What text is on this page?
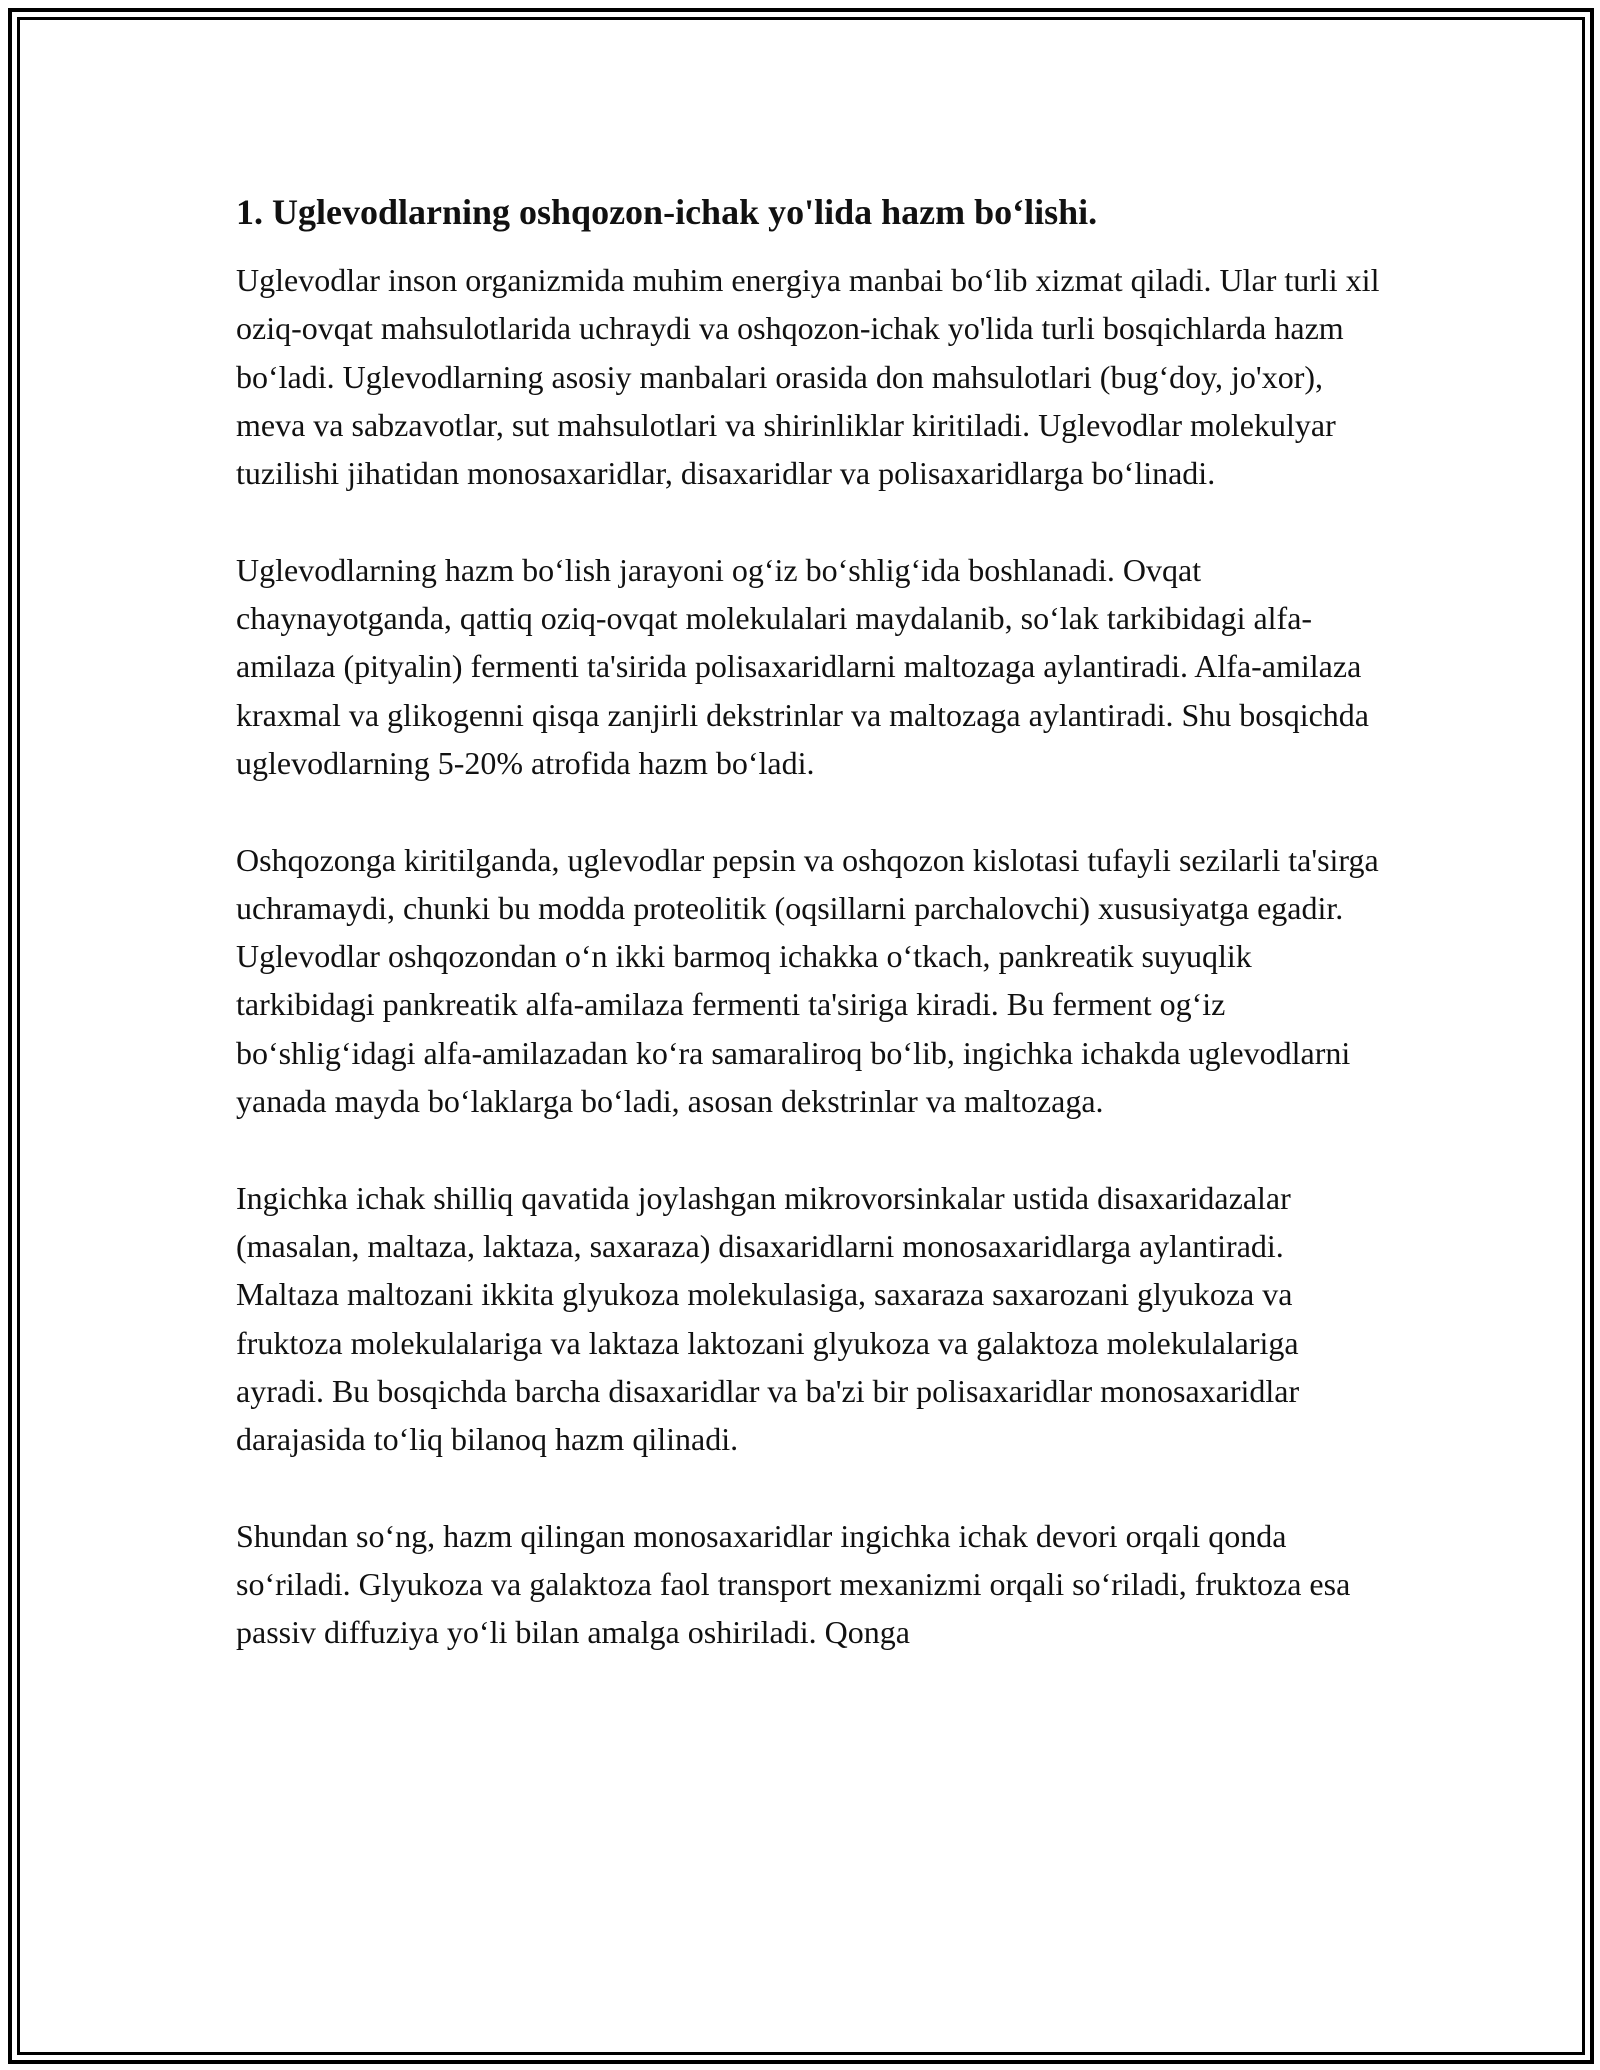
1. Uglevodlarning oshqozon-ichak yo'lida hazm bo‘lishi.

Uglevodlar inson organizmida muhim energiya manbai bo‘lib xizmat qiladi. Ular turli xil oziq-ovqat mahsulotlarida uchraydi va oshqozon-ichak yo'lida turli bosqichlarda hazm bo‘ladi. Uglevodlarning asosiy manbalari orasida don mahsulotlari (bug‘doy, jo'xor), meva va sabzavotlar, sut mahsulotlari va shirinliklar kiritiladi. Uglevodlar molekulyar tuzilishi jihatidan monosaxaridlar, disaxaridlar va polisaxaridlarga bo‘linadi.

Uglevodlarning hazm bo‘lish jarayoni og‘iz bo‘shlig‘ida boshlanadi. Ovqat chaynayotganda, qattiq oziq-ovqat molekulalari maydalanib, so‘lak tarkibidagi alfa-amilaza (pityalin) fermenti ta'sirida polisaxaridlarni maltozaga aylantiradi. Alfa-amilaza kraxmal va glikogenni qisqa zanjirli dekstrinlar va maltozaga aylantiradi. Shu bosqichda uglevodlarning 5-20% atrofida hazm bo‘ladi.

Oshqozonga kiritilganda, uglevodlar pepsin va oshqozon kislotasi tufayli sezilarli ta'sirga uchramaydi, chunki bu modda proteolitik (oqsillarni parchalovchi) xususiyatga egadir. Uglevodlar oshqozondan o‘n ikki barmoq ichakka o‘tkach, pankreatik suyuqlik tarkibidagi pankreatik alfa-amilaza fermenti ta'siriga kiradi. Bu ferment og‘iz bo‘shlig‘idagi alfa-amilazadan ko‘ra samaraliroq bo‘lib, ingichka ichakda uglevodlarni yanada mayda bo‘laklarga bo‘ladi, asosan dekstrinlar va maltozaga.

Ingichka ichak shilliq qavatida joylashgan mikrovorsinkalar ustida disaxaridazalar (masalan, maltaza, laktaza, saxaraza) disaxaridlarni monosaxaridlarga aylantiradi. Maltaza maltozani ikkita glyukoza molekulasiga, saxaraza saxarozani glyukoza va fruktoza molekulalariga va laktaza laktozani glyukoza va galaktoza molekulalariga ayradi. Bu bosqichda barcha disaxaridlar va ba'zi bir polisaxaridlar monosaxaridlar darajasida to‘liq bilanoq hazm qilinadi.

Shundan so‘ng, hazm qilingan monosaxaridlar ingichka ichak devori orqali qonda so‘riladi. Glyukoza va galaktoza faol transport mexanizmi orqali so‘riladi, fruktoza esa passiv diffuziya yo‘li bilan amalga oshiriladi. Qonga
